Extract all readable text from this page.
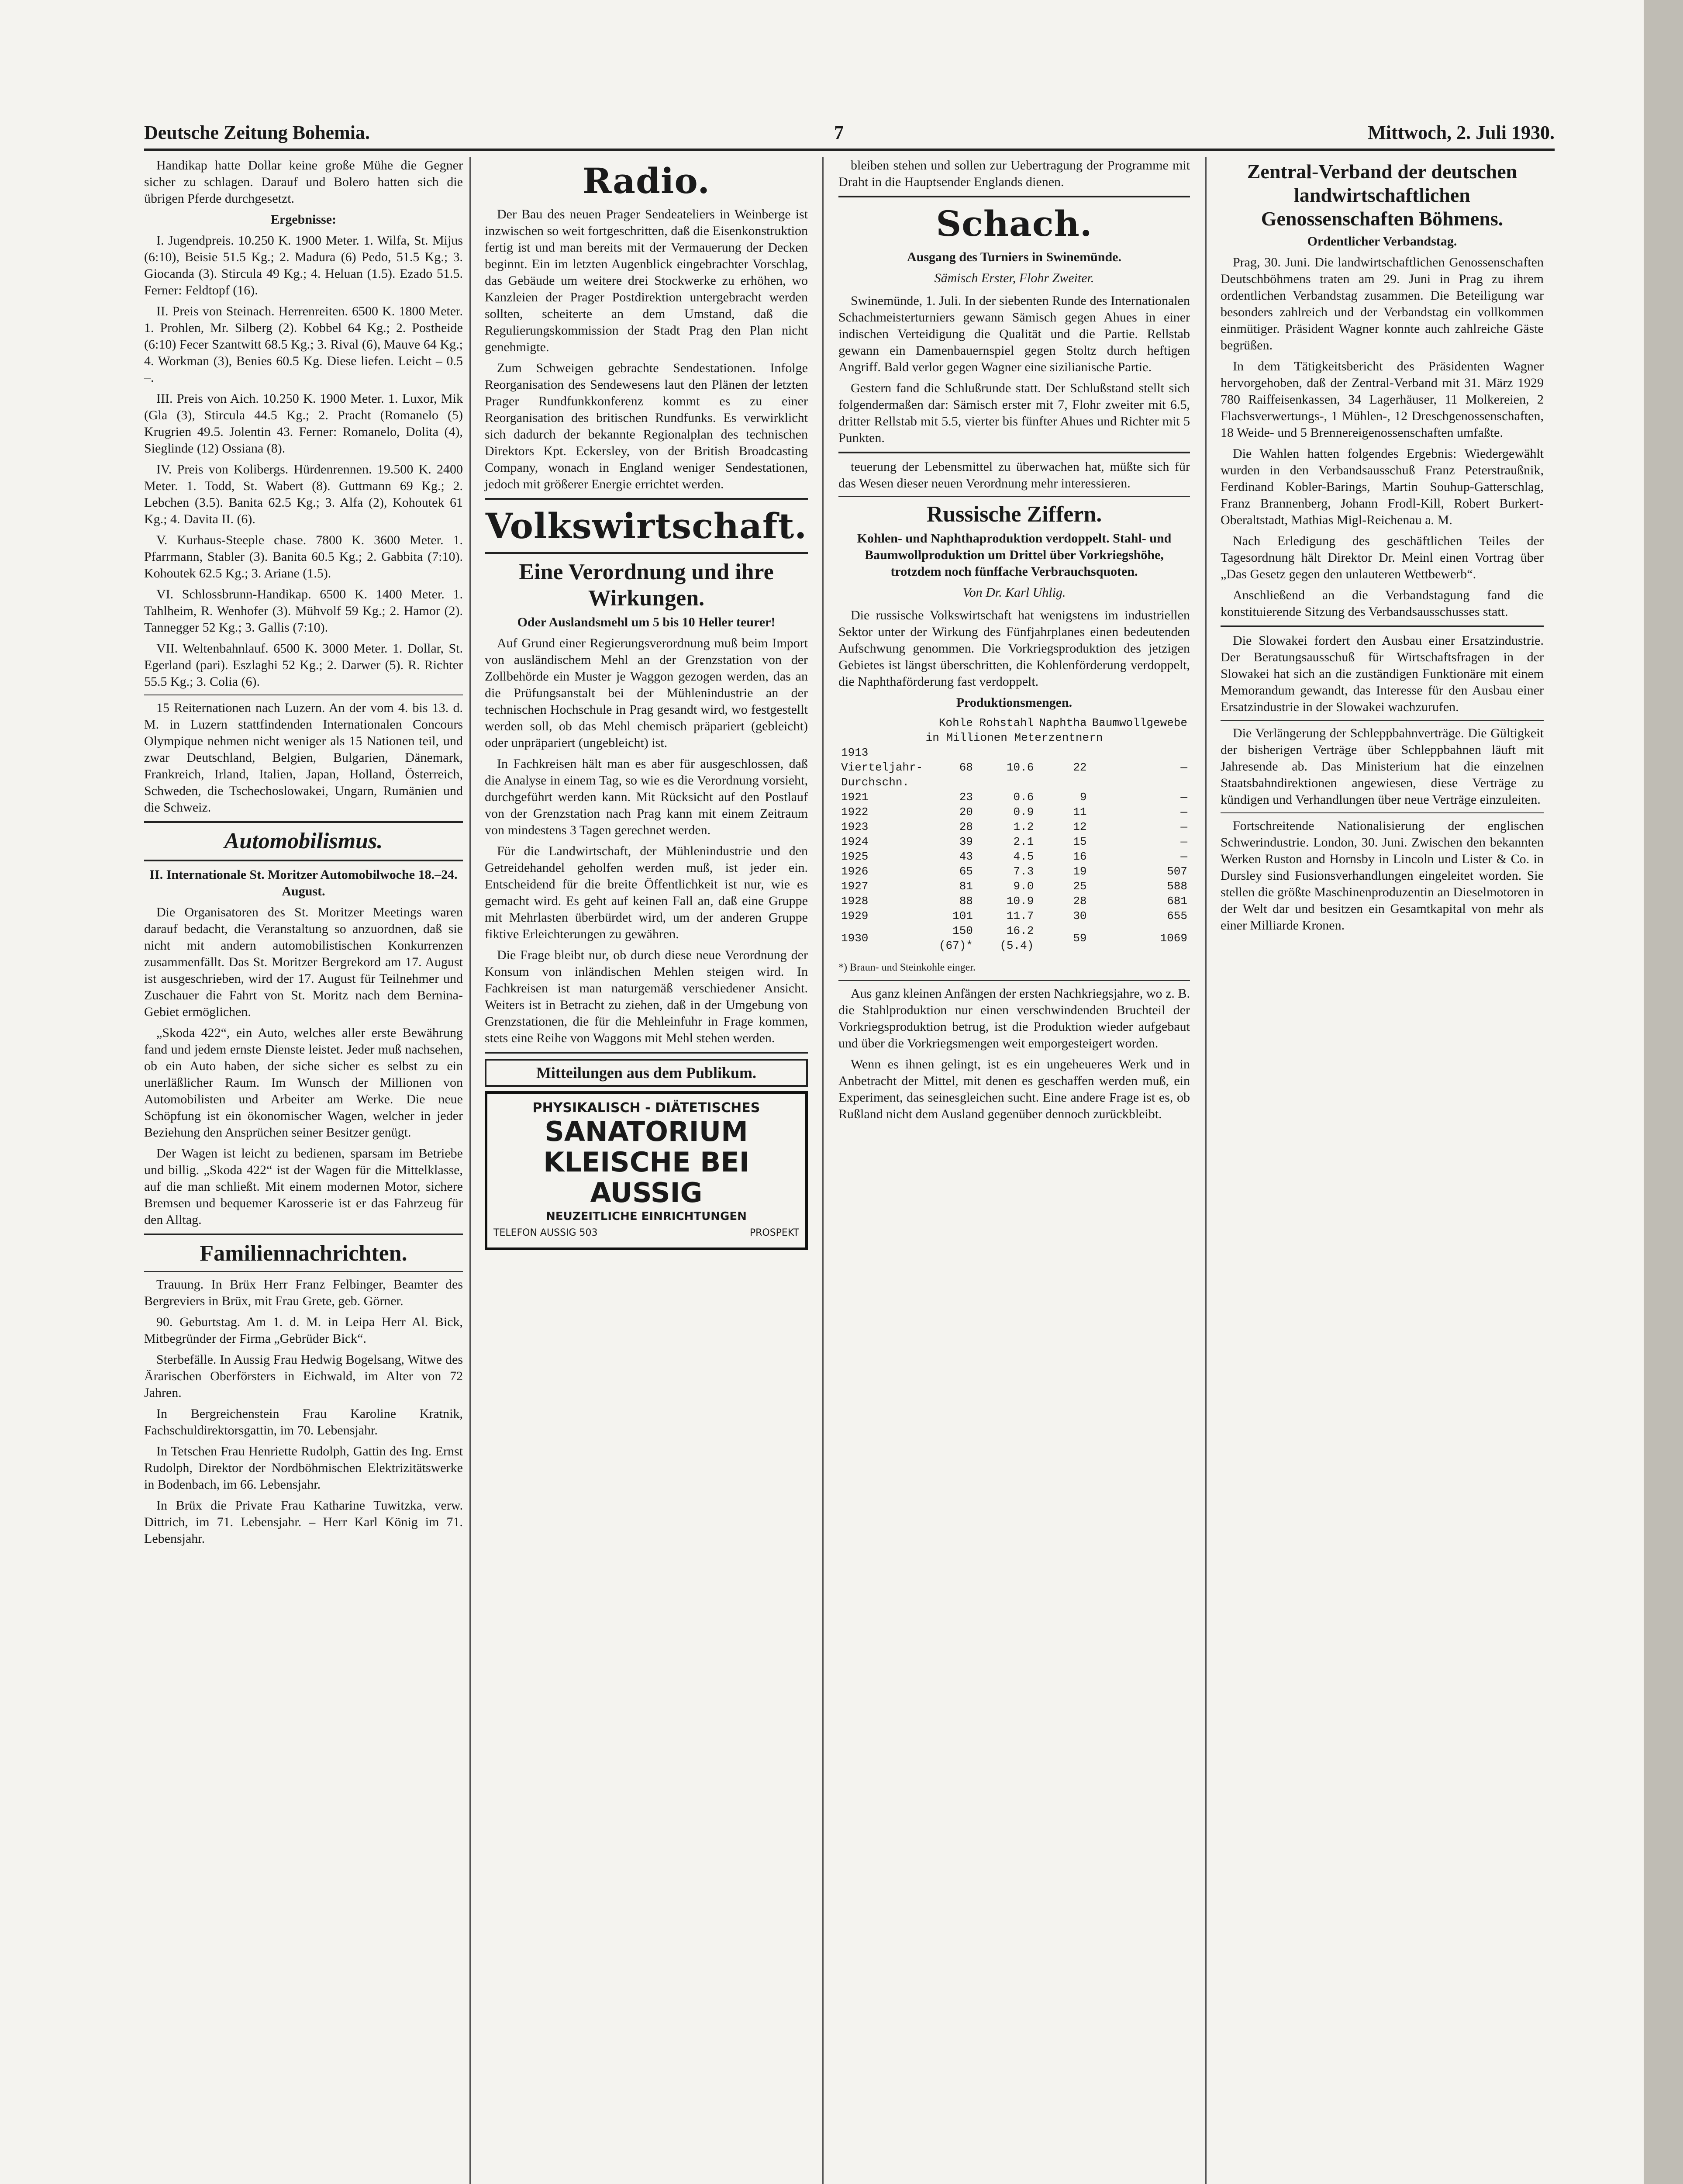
Deutsche Zeitung Bohemia.	7	Mittwoch, 2. Juli 1930.

Handikap hatte Dollar keine große Mühe die Gegner sicher zu schlagen. Darauf und Bolero hatten sich die übrigen Pferde durchgesetzt.

Ergebnisse:

I. Jugendpreis. 10.250 K. 1900 Meter. 1. Wilfa, St. Mijus (6:10), Beisie 51.5 Kg.; 2. Madura (6) Pedo, 51.5 Kg.; 3. Giocanda (3). Stircula 49 Kg.; 4. Heluan (1.5). Ezado 51.5. Ferner: Feldtopf (16).

II. Preis von Steinach. Herrenreiten. 6500 K. 1800 Meter. 1. Prohlen, Mr. Silberg (2). Kobbel 64 Kg.; 2. Postheide (6:10) Fecer Szantwitt 68.5 Kg.; 3. Rival (6), Mauve 64 Kg.; 4. Workman (3), Benies 60.5 Kg. Diese liefen. Leicht – 0.5 –.

III. Preis von Aich. 10.250 K. 1900 Meter. 1. Luxor, Mik (Gla (3), Stircula 44.5 Kg.; 2. Pracht (Romanelo (5) Krugrien 49.5. Jolentin 43. Ferner: Romanelo, Dolita (4), Sieglinde (12) Ossiana (8).

IV. Preis von Kolibergs. Hürdenrennen. 19.500 K. 2400 Meter. 1. Todd, St. Wabert (8). Guttmann 69 Kg.; 2. Lebchen (3.5). Banita 62.5 Kg.; 3. Alfa (2), Kohoutek 61 Kg.; 4. Davita II. (6).

V. Kurhaus-Steeple chase. 7800 K. 3600 Meter. 1. Pfarrmann, Stabler (3). Banita 60.5 Kg.; 2. Gabbita (7:10). Kohoutek 62.5 Kg.; 3. Ariane (1.5).

VI. Schlossbrunn-Handikap. 6500 K. 1400 Meter. 1. Tahlheim, R. Wenhofer (3). Mühvolf 59 Kg.; 2. Hamor (2). Tannegger 52 Kg.; 3. Gallis (7:10).

VII. Weltenbahnlauf. 6500 K. 3000 Meter. 1. Dollar, St. Egerland (pari). Eszlaghi 52 Kg.; 2. Darwer (5). R. Richter 55.5 Kg.; 3. Colia (6).

15 Reiternationen nach Luzern. An der vom 4. bis 13. d. M. in Luzern stattfindenden Internationalen Concours Olympique nehmen nicht weniger als 15 Nationen teil, und zwar Deutschland, Belgien, Bulgarien, Dänemark, Frankreich, Irland, Italien, Japan, Holland, Österreich, Schweden, die Tschechoslowakei, Ungarn, Rumänien und die Schweiz.

Automobilismus.
II. Internationale St. Moritzer Automobilwoche 18.–24. August.

Die Organisatoren des St. Moritzer Meetings waren darauf bedacht, die Veranstaltung so anzuordnen, daß sie nicht mit andern automobilistischen Konkurrenzen zusammenfällt. Das St. Moritzer Bergrekord am 17. August ist ausgeschrieben, wird der 17. August für Teilnehmer und Zuschauer die Fahrt von St. Moritz nach dem Bernina-Gebiet ermöglichen.

„Skoda 422“, ein Auto, welches aller erste Bewährung fand und jedem ernste Dienste leistet. Jeder muß nachsehen, ob ein Auto haben, der siche sicher es selbst zu ein unerläßlicher Raum. Im Wunsch der Millionen von Automobilisten und Arbeiter am Werke. Die neue Schöpfung ist ein ökonomischer Wagen, welcher in jeder Beziehung den Ansprüchen seiner Besitzer genügt.

Der Wagen ist leicht zu bedienen, sparsam im Betriebe und billig. „Skoda 422“ ist der Wagen für die Mittelklasse, auf die man schließt. Mit einem modernen Motor, sichere Bremsen und bequemer Karosserie ist er das Fahrzeug für den Alltag.

Familiennachrichten.

Trauung. In Brüx Herr Franz Felbinger, Beamter des Bergreviers in Brüx, mit Frau Grete, geb. Görner.

90. Geburtstag. Am 1. d. M. in Leipa Herr Al. Bick, Mitbegründer der Firma „Gebrüder Bick“.

Sterbefälle. In Aussig Frau Hedwig Bogelsang, Witwe des Ärarischen Oberförsters in Eichwald, im Alter von 72 Jahren.

In Bergreichenstein Frau Karoline Kratnik, Fachschuldirektorsgattin, im 70. Lebensjahr.

In Tetschen Frau Henriette Rudolph, Gattin des Ing. Ernst Rudolph, Direktor der Nordböhmischen Elektrizitätswerke in Bodenbach, im 66. Lebensjahr.

In Brüx die Private Frau Katharine Tuwitzka, verw. Dittrich, im 71. Lebensjahr. – Herr Karl König im 71. Lebensjahr.

Radio.

Der Bau des neuen Prager Sendeateliers in Weinberge ist inzwischen so weit fortgeschritten, daß die Eisenkonstruktion fertig ist und man bereits mit der Vermauerung der Decken beginnt. Ein im letzten Augenblick eingebrachter Vorschlag, das Gebäude um weitere drei Stockwerke zu erhöhen, wo Kanzleien der Prager Postdirektion untergebracht werden sollten, scheiterte an dem Umstand, daß die Regulierungskommission der Stadt Prag den Plan nicht genehmigte.

Zum Schweigen gebrachte Sendestationen. Infolge Reorganisation des Sendewesens laut den Plänen der letzten Prager Rundfunkkonferenz kommt es zu einer Reorganisation des britischen Rundfunks. Es verwirklicht sich dadurch der bekannte Regionalplan des technischen Direktors Kpt. Eckersley, von der British Broadcasting Company, wonach in England weniger Sendestationen, jedoch mit größerer Energie errichtet werden.

Volkswirtschaft.
Eine Verordnung und ihre Wirkungen.
Oder Auslandsmehl um 5 bis 10 Heller teurer!

Auf Grund einer Regierungsverordnung muß beim Import von ausländischem Mehl an der Grenzstation von der Zollbehörde ein Muster je Waggon gezogen werden, das an die Prüfungsanstalt bei der Mühlenindustrie an der technischen Hochschule in Prag gesandt wird, wo festgestellt werden soll, ob das Mehl chemisch präpariert (gebleicht) oder unpräpariert (ungebleicht) ist.

In Fachkreisen hält man es aber für ausgeschlossen, daß die Analyse in einem Tag, so wie es die Verordnung vorsieht, durchgeführt werden kann. Mit Rücksicht auf den Postlauf von der Grenzstation nach Prag kann mit einem Zeitraum von mindestens 3 Tagen gerechnet werden.

Für die Landwirtschaft, der Mühlenindustrie und den Getreidehandel geholfen werden muß, ist jeder ein. Entscheidend für die breite Öffentlichkeit ist nur, wie es gemacht wird. Es geht auf keinen Fall an, daß eine Gruppe mit Mehrlasten überbürdet wird, um der anderen Gruppe fiktive Erleichterungen zu gewähren.

Die Frage bleibt nur, ob durch diese neue Verordnung der Konsum von inländischen Mehlen steigen wird. In Fachkreisen ist man naturgemäß verschiedener Ansicht. Weiters ist in Betracht zu ziehen, daß in der Umgebung von Grenzstationen, die für die Mehleinfuhr in Frage kommen, stets eine Reihe von Waggons mit Mehl stehen werden.

Mitteilungen aus dem Publikum.
PHYSIKALISCH - DIÄTETISCHES
SANATORIUM
KLEISCHE BEI AUSSIG
NEUZEITLICHE EINRICHTUNGEN
TELEFON AUSSIG 503	PROSPEKT

bleiben stehen und sollen zur Uebertragung der Programme mit Draht in die Hauptsender Englands dienen.

Schach.
Ausgang des Turniers in Swinemünde.
Sämisch Erster, Flohr Zweiter.

Swinemünde, 1. Juli. In der siebenten Runde des Internationalen Schachmeisterturniers gewann Sämisch gegen Ahues in einer indischen Verteidigung die Qualität und die Partie. Rellstab gewann ein Damenbauernspiel gegen Stoltz durch heftigen Angriff. Bald verlor gegen Wagner eine sizilianische Partie.

Gestern fand die Schlußrunde statt. Der Schlußstand stellt sich folgendermaßen dar: Sämisch erster mit 7, Flohr zweiter mit 6.5, dritter Rellstab mit 5.5, vierter bis fünfter Ahues und Richter mit 5 Punkten.

teuerung der Lebensmittel zu überwachen hat, müßte sich für das Wesen dieser neuen Verordnung mehr interessieren.

Russische Ziffern.
Kohlen- und Naphthaproduktion verdoppelt. Stahl- und Baumwollproduktion um Drittel über Vorkriegshöhe, trotzdem noch fünffache Verbrauchsquoten.
Von Dr. Karl Uhlig.

Die russische Volkswirtschaft hat wenigstens im industriellen Sektor unter der Wirkung des Fünfjahrplanes einen bedeutenden Aufschwung genommen. Die Vorkriegsproduktion des jetzigen Gebietes ist längst überschritten, die Kohlenförderung verdoppelt, die Naphthaförderung fast verdoppelt.

Produktionsmengen.
	Kohle	Rohstahl	Naphtha	Baumwollgewebe
in Millionen Meterzentnern				
1913 Vierteljahr-Durchschn.	68	10.6	22	—
1921	23	0.6	9	—
1922	20	0.9	11	—
1923	28	1.2	12	—
1924	39	2.1	15	—
1925	43	4.5	16	—
1926	65	7.3	19	507
1927	81	9.0	25	588
1928	88	10.9	28	681
1929	101	11.7	30	655
1930	150 (67)*	16.2 (5.4)	59	1069
*) Braun- und Steinkohle einger.

Aus ganz kleinen Anfängen der ersten Nachkriegsjahre, wo z. B. die Stahlproduktion nur einen verschwindenden Bruchteil der Vorkriegsproduktion betrug, ist die Produktion wieder aufgebaut und über die Vorkriegsmengen weit emporgesteigert worden.

Wenn es ihnen gelingt, ist es ein ungeheueres Werk und in Anbetracht der Mittel, mit denen es geschaffen werden muß, ein Experiment, das seinesgleichen sucht. Eine andere Frage ist es, ob Rußland nicht dem Ausland gegenüber dennoch zurückbleibt.

Zentral-Verband der deutschen landwirtschaftlichen Genossenschaften Böhmens.
Ordentlicher Verbandstag.

Prag, 30. Juni. Die landwirtschaftlichen Genossenschaften Deutschböhmens traten am 29. Juni in Prag zu ihrem ordentlichen Verbandstag zusammen. Die Beteiligung war besonders zahlreich und der Verbandstag ein vollkommen einmütiger. Präsident Wagner konnte auch zahlreiche Gäste begrüßen.

In dem Tätigkeitsbericht des Präsidenten Wagner hervorgehoben, daß der Zentral-Verband mit 31. März 1929 780 Raiffeisenkassen, 34 Lagerhäuser, 11 Molkereien, 2 Flachsverwertungs-, 1 Mühlen-, 12 Dreschgenossenschaften, 18 Weide- und 5 Brennereigenossenschaften umfaßte.

Die Wahlen hatten folgendes Ergebnis: Wiedergewählt wurden in den Verbandsausschuß Franz Peterstraußnik, Ferdinand Kobler-Barings, Martin Souhup-Gatterschlag, Franz Brannenberg, Johann Frodl-Kill, Robert Burkert-Oberaltstadt, Mathias Migl-Reichenau a. M.

Nach Erledigung des geschäftlichen Teiles der Tagesordnung hält Direktor Dr. Meinl einen Vortrag über „Das Gesetz gegen den unlauteren Wettbewerb“.

Anschließend an die Verbandstagung fand die konstituierende Sitzung des Verbandsausschusses statt.

Die Slowakei fordert den Ausbau einer Ersatzindustrie. Der Beratungsausschuß für Wirtschaftsfragen in der Slowakei hat sich an die zuständigen Funktionäre mit einem Memorandum gewandt, das Interesse für den Ausbau einer Ersatzindustrie in der Slowakei wachzurufen.

Die Verlängerung der Schleppbahnverträge. Die Gültigkeit der bisherigen Verträge über Schleppbahnen läuft mit Jahresende ab. Das Ministerium hat die einzelnen Staatsbahndirektionen angewiesen, diese Verträge zu kündigen und Verhandlungen über neue Verträge einzuleiten.

Fortschreitende Nationalisierung der englischen Schwerindustrie. London, 30. Juni. Zwischen den bekannten Werken Ruston and Hornsby in Lincoln und Lister & Co. in Dursley sind Fusionsverhandlungen eingeleitet worden. Sie stellen die größte Maschinenproduzentin an Dieselmotoren in der Welt dar und besitzen ein Gesamtkapital von mehr als einer Milliarde Kronen.
